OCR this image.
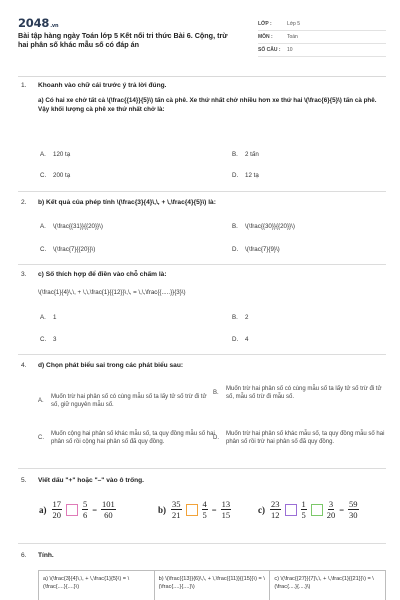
2048.vn
Bài tập hàng ngày Toán lớp 5 Kết nối tri thức Bài 6. Cộng, trừ hai phân số khác mẫu số có đáp án
LỚP :	Lớp 5
MÔN :	Toán
SỐ CÂU :	10
1.	Khoanh vào chữ cái trước ý trả lời đúng.
a) Có hai xe chở tất cả \(\frac{{14}}{5}\) tấn cà phê. Xe thứ nhất chở nhiều hơn xe thứ hai \(\frac{6}{5}\) tấn cà phê. Vậy khối lượng cà phê xe thứ nhất chở là:
A.	120 tạ	B.	2 tấn
C.	200 tạ	D.	12 tạ
2.	b) Kết quả của phép tính \(\frac{3}{4}\,\, + \,\frac{4}{5}\) là:
A.	\(\frac{{31}}{{20}}\)	B.	\(\frac{{30}}{{20}}\)
C.	\(\frac{7}{{20}}\)	D.	\(\frac{7}{9}\)
3.	c) Số thích hợp để điền vào chỗ chấm là:
\(\frac{1}{4}\,\, + \,\,\frac{1}{{12}}\,\, = \,\,\frac{{.....}}{3}\)
A.	1	B.	2
C.	3	D.	4
4.	d) Chọn phát biểu sai trong các phát biểu sau:
A.
Muốn trừ hai phân số có cùng mẫu số ta lấy tử số trừ đi tử số, giữ nguyên mẫu số.
B.
Muốn trừ hai phân số có cùng mẫu số ta lấy tử số trừ đi tử số, mẫu số trừ đi mẫu số.
C.
Muốn cộng hai phân số khác mẫu số, ta quy đồng mẫu số hai phân số rồi cộng hai phân số đã quy đồng.
D.
Muốn trừ hai phân số khác mẫu số, ta quy đồng mẫu số hai phân số rồi trừ hai phân số đã quy đồng.
5.	Viết dấu "+" hoặc "–" vào ô trống.
$a) \frac{17}{20} \frac{5}{6} = \frac{101}{60}$	$b) \frac{35}{21} \frac{4}{5} = \frac{13}{15}$	$c) \frac{23}{12} \frac{1}{5} \frac{3}{20} = \frac{59}{30}$
6.	Tính.
a) \(\frac{3}{4}\,\, + \,\frac{1}{5}\) = \(\frac{....}{....}\)
b) \(\frac{{13}}{6}\,\, + \,\frac{{11}}{{15}}\) = \(\frac{....}{....}\)
c) \(\frac{{27}}{7}\,\, + \,\frac{1}{{21}}\) = \(\frac{....}{....}\)
